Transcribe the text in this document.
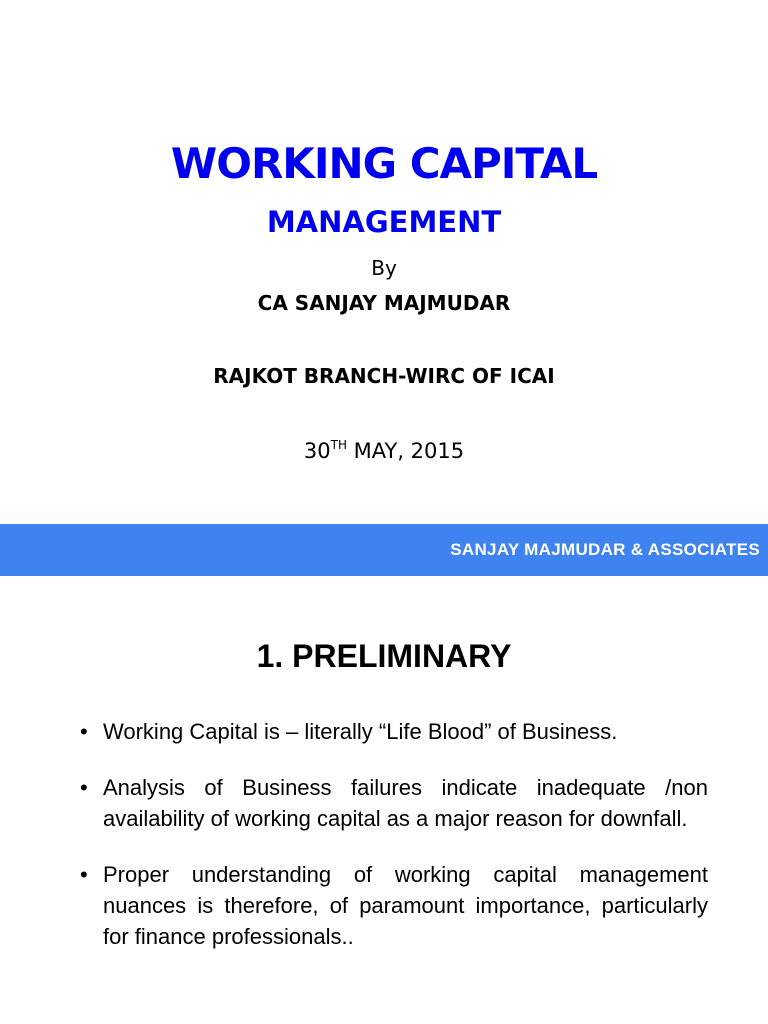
WORKING CAPITAL
MANAGEMENT
By
CA SANJAY MAJMUDAR
RAJKOT BRANCH-WIRC OF ICAI
30TH MAY, 2015
SANJAY MAJMUDAR & ASSOCIATES
1. PRELIMINARY
• Working Capital is – literally “Life Blood” of Business.
• Analysis of Business failures indicate inadequate /non availability of working capital as a major reason for downfall.
• Proper understanding of working capital management nuances is therefore, of paramount importance, particularly for finance professionals..
